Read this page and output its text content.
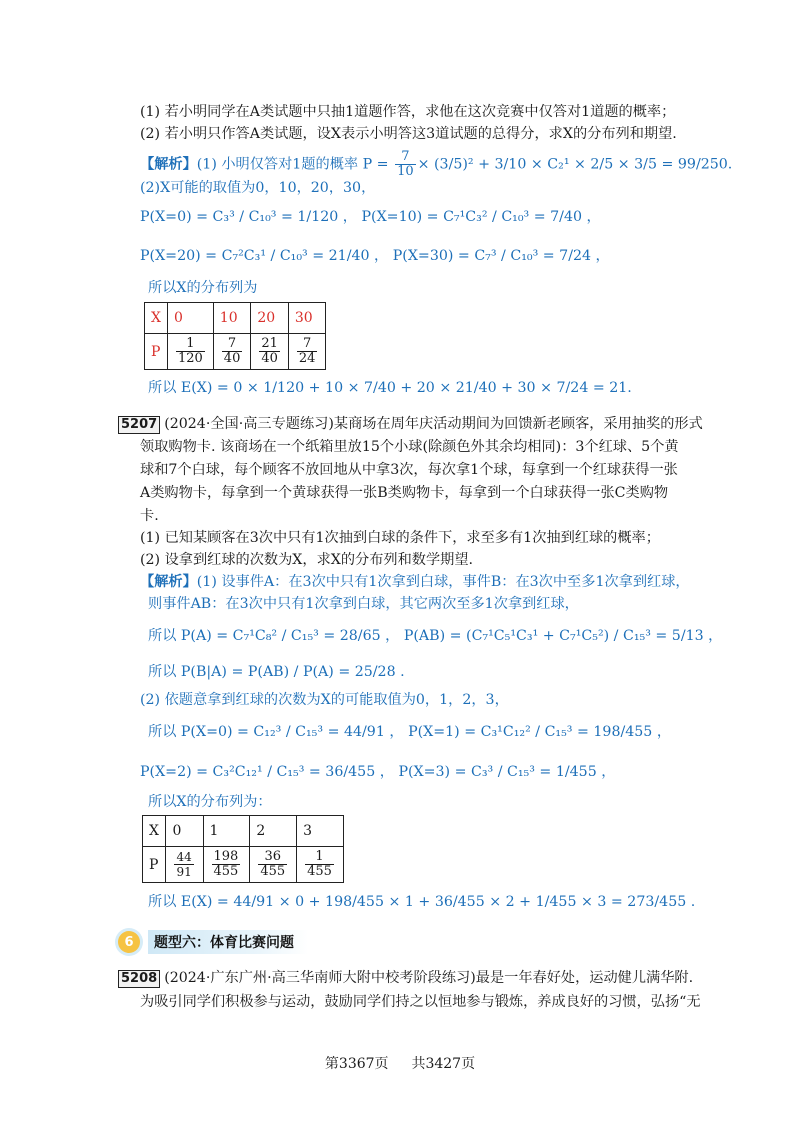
(1) 若小明同学在A类试题中只抽1道题作答，求他在这次竞赛中仅答对1道题的概率；
(2) 若小明只作答A类试题，设X表示小明答这3道试题的总得分，求X的分布列和期望.
【解析】(1) 小明仅答对1题的概率 $P = \frac{7}{10} \times (3/5)^2 + 3/10 \times C_2^1 \times 2/5 \times 3/5 = 99/250$.
(2)X可能的取值为0，10，20，30，
P(X=0) = C₃³ / C₁₀³ = 1/120 ， P(X=10) = C₇¹C₃² / C₁₀³ = 7/40 ，
P(X=20) = C₇²C₃¹ / C₁₀³ = 21/40 ， P(X=30) = C₇³ / C₁₀³ = 7/24 ，
所以X的分布列为
X	0	10	20	30
P	$\frac{1}{120}$	$\frac{7}{40}$	$\frac{21}{40}$	$\frac{7}{24}$
所以 E(X) = 0 × 1/120 + 10 × 7/40 + 20 × 21/40 + 30 × 7/24 = 21.
5207 (2024·全国·高三专题练习)某商场在周年庆活动期间为回馈新老顾客，采用抽奖的形式
领取购物卡. 该商场在一个纸箱里放15个小球(除颜色外其余均相同)：3个红球、5个黄
球和7个白球，每个顾客不放回地从中拿3次，每次拿1个球，每拿到一个红球获得一张
A类购物卡，每拿到一个黄球获得一张B类购物卡，每拿到一个白球获得一张C类购物
卡.
(1) 已知某顾客在3次中只有1次抽到白球的条件下，求至多有1次抽到红球的概率；
(2) 设拿到红球的次数为X，求X的分布列和数学期望.
【解析】(1) 设事件A：在3次中只有1次拿到白球，事件B：在3次中至多1次拿到红球，
则事件AB：在3次中只有1次拿到白球，其它两次至多1次拿到红球，
所以 P(A) = C₇¹C₈² / C₁₅³ = 28/65 ， P(AB) = (C₇¹C₅¹C₃¹ + C₇¹C₅²) / C₁₅³ = 5/13 ，
所以 P(B|A) = P(AB) / P(A) = 25/28 .
(2) 依题意拿到红球的次数为X的可能取值为0，1，2，3，
所以 P(X=0) = C₁₂³ / C₁₅³ = 44/91 ， P(X=1) = C₃¹C₁₂² / C₁₅³ = 198/455 ，
P(X=2) = C₃²C₁₂¹ / C₁₅³ = 36/455 ， P(X=3) = C₃³ / C₁₅³ = 1/455 ，
所以X的分布列为：
X	0	1	2	3
P	$\frac{44}{91}$	$\frac{198}{455}$	$\frac{36}{455}$	$\frac{1}{455}$
所以 E(X) = 44/91 × 0 + 198/455 × 1 + 36/455 × 2 + 1/455 × 3 = 273/455 .
6	题型六：体育比赛问题
5208 (2024·广东广州·高三华南师大附中校考阶段练习)最是一年春好处，运动健儿满华附.
为吸引同学们积极参与运动，鼓励同学们持之以恒地参与锻炼，养成良好的习惯，弘扬“无
第3367页 共3427页
